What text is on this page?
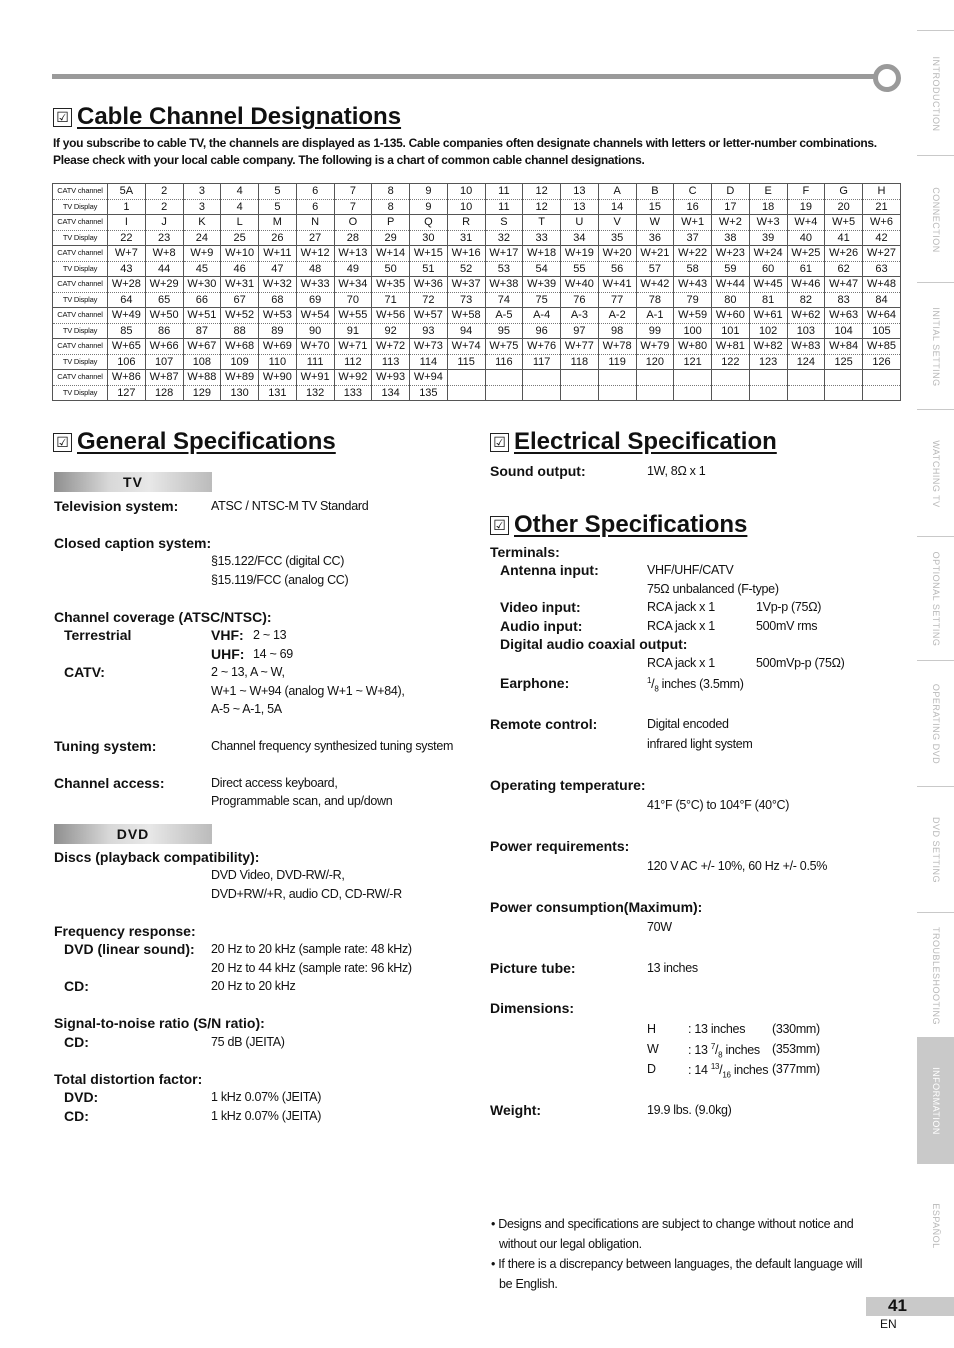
☑ Cable Channel Designations
If you subscribe to cable TV, the channels are displayed as 1-135. Cable companies often designate channels with letters or letter-number combinations.
Please check with your local cable company. The following is a chart of common cable channel designations.
CATV channel	5A	2	3	4	5	6	7	8	9	10	11	12	13	A	B	C	D	E	F	G	H
TV Display	1	2	3	4	5	6	7	8	9	10	11	12	13	14	15	16	17	18	19	20	21
CATV channel	I	J	K	L	M	N	O	P	Q	R	S	T	U	V	W	W+1	W+2	W+3	W+4	W+5	W+6
TV Display	22	23	24	25	26	27	28	29	30	31	32	33	34	35	36	37	38	39	40	41	42
CATV channel	W+7	W+8	W+9	W+10	W+11	W+12	W+13	W+14	W+15	W+16	W+17	W+18	W+19	W+20	W+21	W+22	W+23	W+24	W+25	W+26	W+27
TV Display	43	44	45	46	47	48	49	50	51	52	53	54	55	56	57	58	59	60	61	62	63
CATV channel	W+28	W+29	W+30	W+31	W+32	W+33	W+34	W+35	W+36	W+37	W+38	W+39	W+40	W+41	W+42	W+43	W+44	W+45	W+46	W+47	W+48
TV Display	64	65	66	67	68	69	70	71	72	73	74	75	76	77	78	79	80	81	82	83	84
CATV channel	W+49	W+50	W+51	W+52	W+53	W+54	W+55	W+56	W+57	W+58	A-5	A-4	A-3	A-2	A-1	W+59	W+60	W+61	W+62	W+63	W+64
TV Display	85	86	87	88	89	90	91	92	93	94	95	96	97	98	99	100	101	102	103	104	105
CATV channel	W+65	W+66	W+67	W+68	W+69	W+70	W+71	W+72	W+73	W+74	W+75	W+76	W+77	W+78	W+79	W+80	W+81	W+82	W+83	W+84	W+85
TV Display	106	107	108	109	110	111	112	113	114	115	116	117	118	119	120	121	122	123	124	125	126
CATV channel	W+86	W+87	W+88	W+89	W+90	W+91	W+92	W+93	W+94												
TV Display	127	128	129	130	131	132	133	134	135												
☑ General Specifications
TV
Television system:	ATSC / NTSC-M TV Standard
Closed caption system:
§15.122/FCC (digital CC)
§15.119/FCC (analog CC)
Channel coverage (ATSC/NTSC):
Terrestrial	VHF: 2 ~ 13
UHF: 14 ~ 69
CATV:	2 ~ 13, A ~ W,
W+1 ~ W+94 (analog W+1 ~ W+84),
A-5 ~ A-1, 5A
Tuning system:	Channel frequency synthesized tuning system
Channel access:	Direct access keyboard,
Programmable scan, and up/down
DVD
Discs (playback compatibility):
DVD Video, DVD-RW/-R,
DVD+RW/+R, audio CD, CD-RW/-R
Frequency response:
DVD (linear sound): 20 Hz to 20 kHz (sample rate: 48 kHz)
20 Hz to 44 kHz (sample rate: 96 kHz)
CD:	20 Hz to 20 kHz
Signal-to-noise ratio (S/N ratio):
CD:	75 dB (JEITA)
Total distortion factor:
DVD:	1 kHz 0.07% (JEITA)
CD:	1 kHz 0.07% (JEITA)
☑ Electrical Specification
Sound output:	1W, 8Ω x 1
☑ Other Specifications
Terminals:
Antenna input:	VHF/UHF/CATV
75Ω unbalanced (F-type)
Video input:	RCA jack x 1	1Vp-p (75Ω)
Audio input:	RCA jack x 1	500mV rms
Digital audio coaxial output:
RCA jack x 1	500mVp-p (75Ω)
Earphone:	$^1/_8$ inches (3.5mm)
Remote control:	Digital encoded
infrared light system
Operating temperature:
41°F (5°C) to 104°F (40°C)
Power requirements:
120 V AC +/- 10%, 60 Hz +/- 0.5%
Power consumption(Maximum):
70W
Picture tube:	13 inches
Dimensions:
H	: 13 inches (330mm)
W : 13 $^7/_8$ inches (353mm)
D	: 14 $^{13}/_{16}$ inches (377mm)
Weight:	19.9 lbs. (9.0kg)
• Designs and specifications are subject to change without notice and
without our legal obligation.
• If there is a discrepancy between languages, the default language will
be English.
INTRODUCTION
CONNECTION
INITIAL SETTING
WATCHING TV
OPTIONAL SETTING
OPERATING DVD
DVD SETTING
TROUBLESHOOTING
INFORMATION
ESPAÑOL
41
EN
